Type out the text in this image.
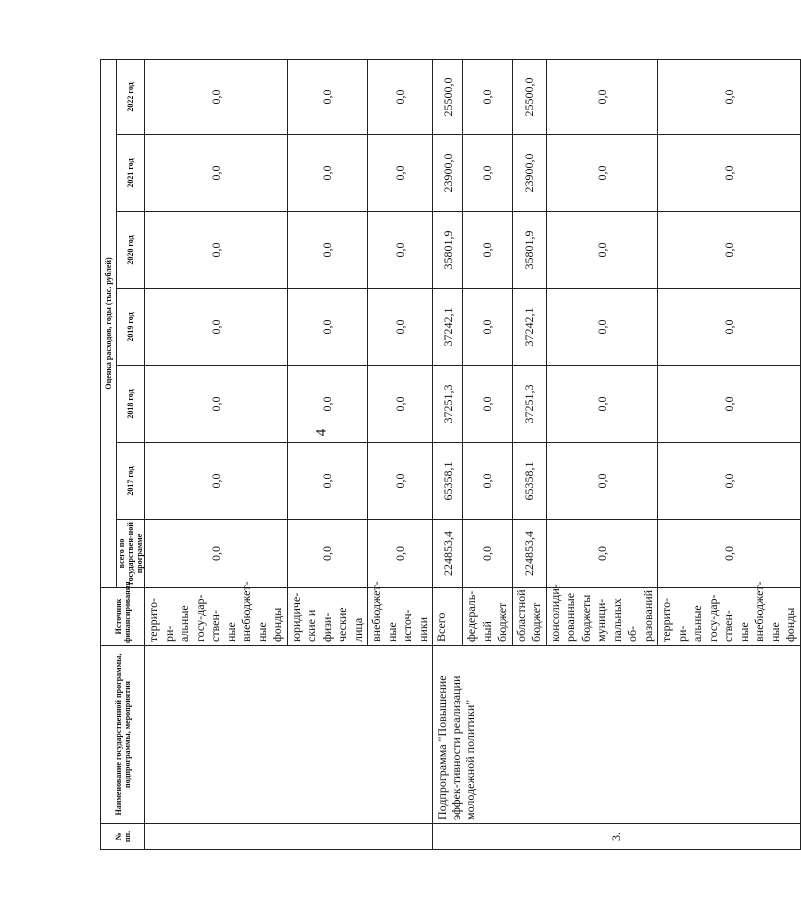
4
№ пп.	Наименование государственной программы, подпрограммы, мероприятия	Источник финансирования	Оценка расходов, годы (тыс. рублей)						
			всего по государствен-ной программе	2017 год	2018 год	2019 год	2020 год	2021 год	2022 год
		террито-ри-альные госу-дар-ствен-ные внебюджет-ные фонды	0,0	0,0	0,0	0,0	0,0	0,0	0,0
		юридиче-ские и физи-ческие лица	0,0	0,0	0,0	0,0	0,0	0,0	0,0
		внебюджет-ные источ-ники	0,0	0,0	0,0	0,0	0,0	0,0	0,0
3.	Подпрограмма "Повышение эффек-тивности реализации молодежной политики"	Всего	224853,4	65358,1	37251,3	37242,1	35801,9	23900,0	25500,0
		федераль-ный бюджет	0,0	0,0	0,0	0,0	0,0	0,0	0,0
		областной бюджет	224853,4	65358,1	37251,3	37242,1	35801,9	23900,0	25500,0
		консолиди-рованные бюджеты муници-пальных об-разований	0,0	0,0	0,0	0,0	0,0	0,0	0,0
		террито-ри-альные госу-дар-ствен-ные внебюджет-ные фонды	0,0	0,0	0,0	0,0	0,0	0,0	0,0
